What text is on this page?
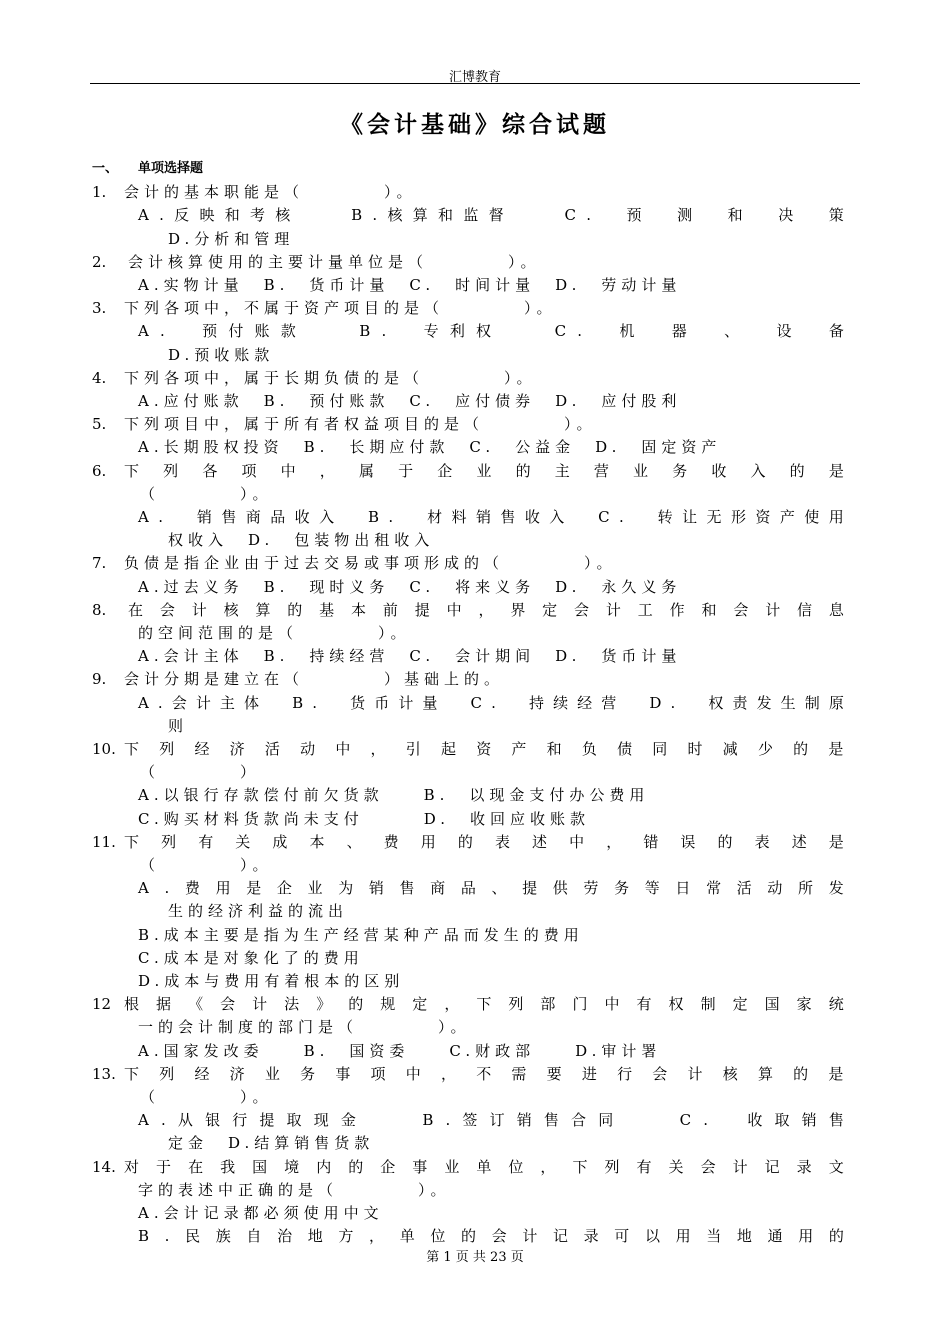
汇博教育
《会计基础》综合试题
一、 单项选择题
1. 会计的基本职能是（　　　　）。
A . 反 映 和 考 核

　	B . 核 算 和 监 督

　	C .
　 预
　 测
　 和
　 决
　 策
D.分析和管理
2. 会计核算使用的主要计量单位是（　　　　）。
A.实物计量　B.　货币计量　C.　时间计量　D.　劳动计量
3. 下列各项中，不属于资产项目的是（　　　　）。
A .
　 预 付 账 款

　	B .
　 专 利 权

　	C .
　 机
　 器
　 、
　 设
　 备
D.预收账款
4. 下列各项中，属于长期负债的是（　　　　）。
A.应付账款　B.　预付账款　C.　应付债券　D.　应付股利
5. 下列项目中，属于所有者权益项目的是（　　　　）。
A.长期股权投资　B.　长期应付款　C.　公益金　D.　固定资产
6. 下
　 列
　 各
　 项
　 中
　 ，
　 属
　 于
　 企
　 业
　 的
　 主
　 营
　 业
　 务
　 收
　 入
　 的
　 是
（　　　　）。
A .
　 销 售 商 品 收 入
　 B .
　 材 料 销 售 收 入
　 C .
　 转 让 无 形 资 产 使 用
权收入　D.　包装物出租收入
7. 负债是指企业由于过去交易或事项形成的（　　　　）。
A.过去义务　B.　现时义务　C.　将来义务　D.　永久义务
8. 在 会 计 核 算 的 基 本 前 提 中 ， 界 定 会 计 工 作 和 会 计 信 息
的空间范围的是（　　　　）。
A.会计主体　B.　持续经营　C.　会计期间　D.　货币计量
9. 会计分期是建立在（　　　　）基础上的。
A . 会 计 主 体
　 B .
　 货 币 计 量
　 C .
　 持 续 经 营
　 D .
　 权 责 发 生 制 原
则
10. 下
　 列
　 经
　 济
　 活
　 动
　 中
　 ，
　 引
　 起
　 资
　 产
　 和
　 负
　 债
　 同
　 时
　 减
　 少
　 的
　 是
（　　　　）
A.以银行存款偿付前欠货款　　B.　以现金支付办公费用
C.购买材料货款尚未支付　　　D.　收回应收账款
11. 下
　 列
　 有
　 关
　 成
　 本
　 、
　 费
　 用
　 的
　 表
　 述
　 中
　 ，
　 错
　 误
　 的
　 表
　 述
　 是
（　　　　）。
A . 费 用 是 企 业 为 销 售 商 品 、 提 供 劳 务 等 日 常 活 动 所 发
生的经济利益的流出
B.成本主要是指为生产经营某种产品而发生的费用
C.成本是对象化了的费用
D.成本与费用有着根本的区别
12 根 据 《 会 计 法 》 的 规 定 ， 下 列 部 门 中 有 权 制 定 国 家 统
一的会计制度的部门是（　　　　）。
A.国家发改委　　B.　国资委　　C.财政部　　D.审计署
13. 下
　 列
　 经
　 济
　 业
　 务
　 事
　 项
　 中
　 ，
　 不
　 需
　 要
　 进
　 行
　 会
　 计
　 核
　 算
　 的
　 是
（　　　　）。
A . 从 银 行 提 取 现 金

　	B . 签 订 销 售 合 同

　	C .
　	收 取 销 售
定金　D.结算销售货款
14. 对 于 在 我 国 境 内 的 企 事 业 单 位 ， 下 列 有 关 会 计 记 录 文
字的表述中正确的是（　　　　）。
A.会计记录都必须使用中文
B . 民 族 自 治 地 方 ， 单 位 的 会 计 记 录 可 以 用 当 地 通 用 的
第 1 页 共 23 页
